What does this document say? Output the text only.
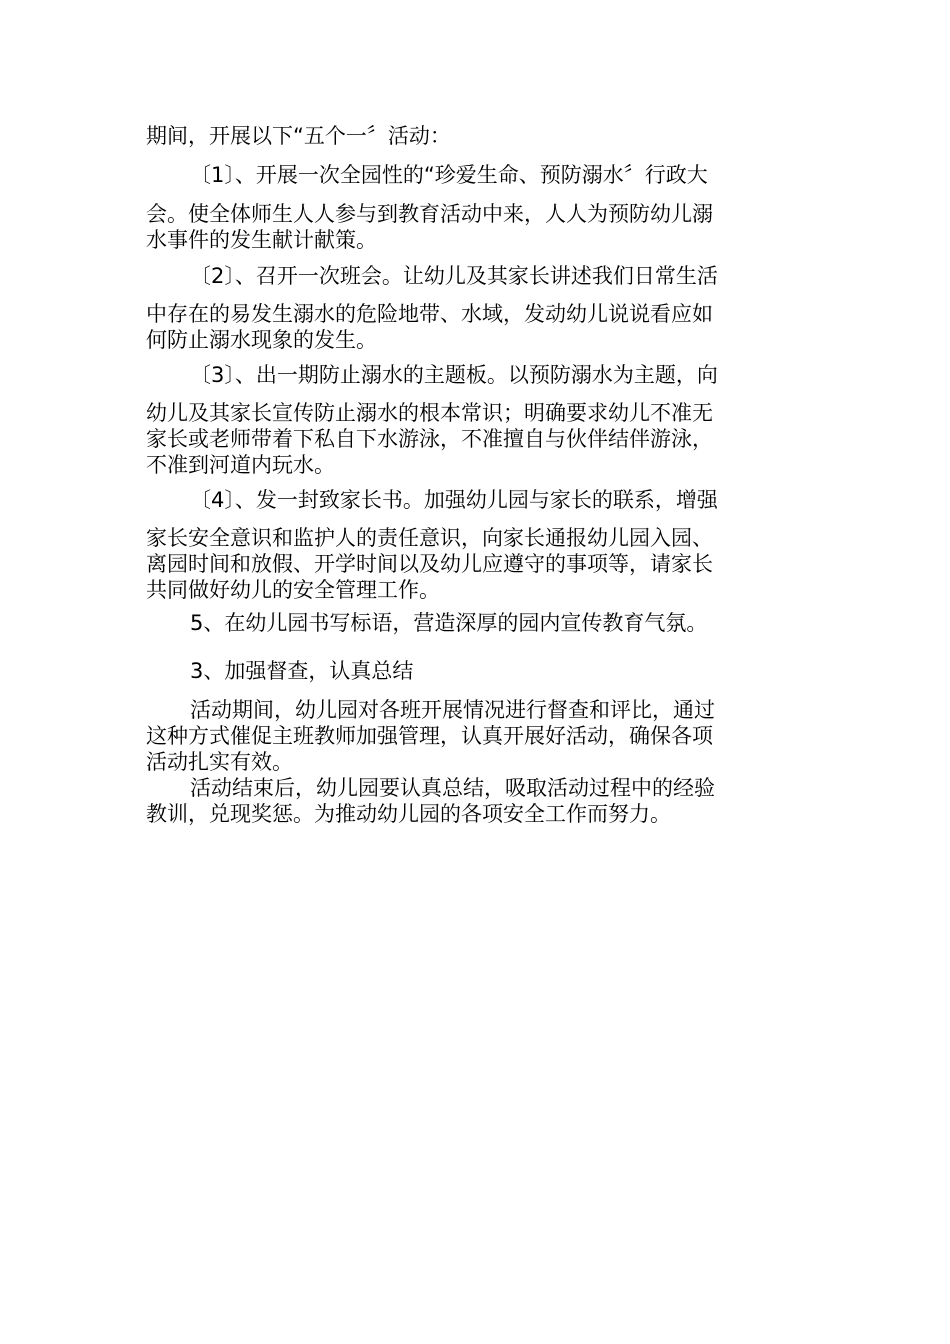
期间，开展以下“五个一〞活动：
〔1〕、开展一次全园性的“珍爱生命、预防溺水〞行政大
会。使全体师生人人参与到教育活动中来，人人为预防幼儿溺
水事件的发生献计献策。
〔2〕、召开一次班会。让幼儿及其家长讲述我们日常生活
中存在的易发生溺水的危险地带、水域，发动幼儿说说看应如
何防止溺水现象的发生。
〔3〕、出一期防止溺水的主题板。以预防溺水为主题，向
幼儿及其家长宣传防止溺水的根本常识；明确要求幼儿不准无
家长或老师带着下私自下水游泳，不准擅自与伙伴结伴游泳，
不准到河道内玩水。
〔4〕、发一封致家长书。加强幼儿园与家长的联系，增强
家长安全意识和监护人的责任意识，向家长通报幼儿园入园、
离园时间和放假、开学时间以及幼儿应遵守的事项等，请家长
共同做好幼儿的安全管理工作。
5、在幼儿园书写标语，营造深厚的园内宣传教育气氛。
3、加强督查，认真总结
活动期间，幼儿园对各班开展情况进行督查和评比，通过
这种方式催促主班教师加强管理，认真开展好活动，确保各项
活动扎实有效。
活动结束后，幼儿园要认真总结，吸取活动过程中的经验
教训，兑现奖惩。为推动幼儿园的各项安全工作而努力。
